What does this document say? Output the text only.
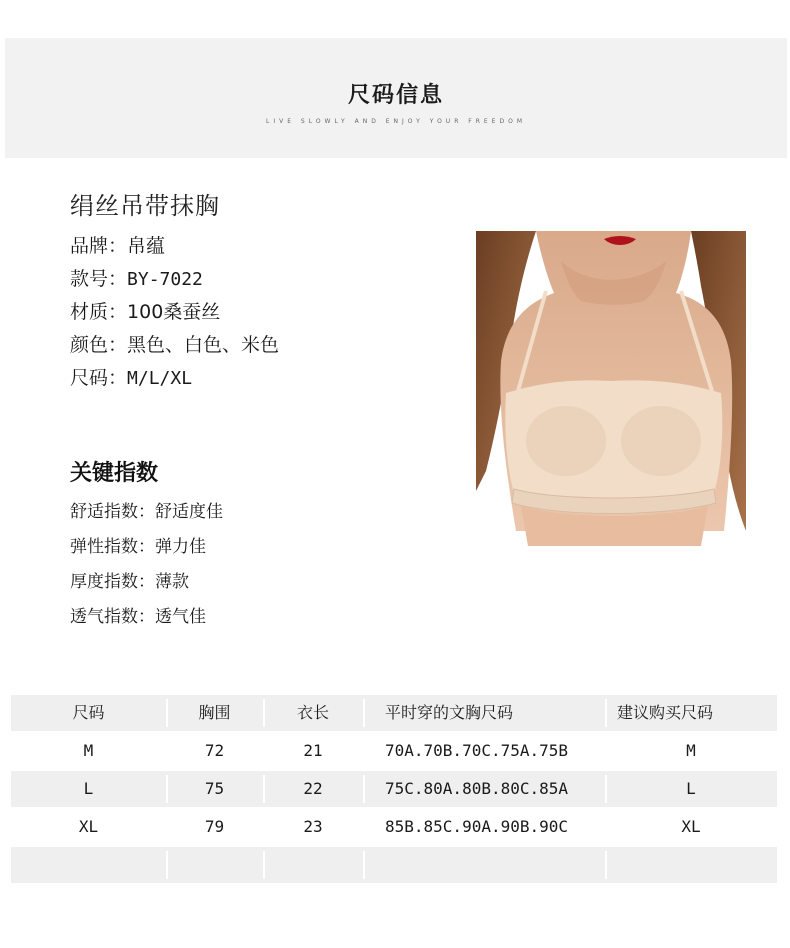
尺码信息
LIVE SLOWLY AND ENJOY YOUR FREEDOM
绢丝吊带抹胸
品牌：帛蕴
款号：BY-7022
材质：100桑蚕丝
颜色：黑色、白色、米色
尺码：M/L/XL
关键指数
舒适指数：舒适度佳
弹性指数：弹力佳
厚度指数：薄款
透气指数：透气佳
尺码	胸围	衣长	平时穿的文胸尺码	建议购买尺码
M	72	21	70A.70B.70C.75A.75B	M
L	75	22	75C.80A.80B.80C.85A	L
XL	79	23	85B.85C.90A.90B.90C	XL
